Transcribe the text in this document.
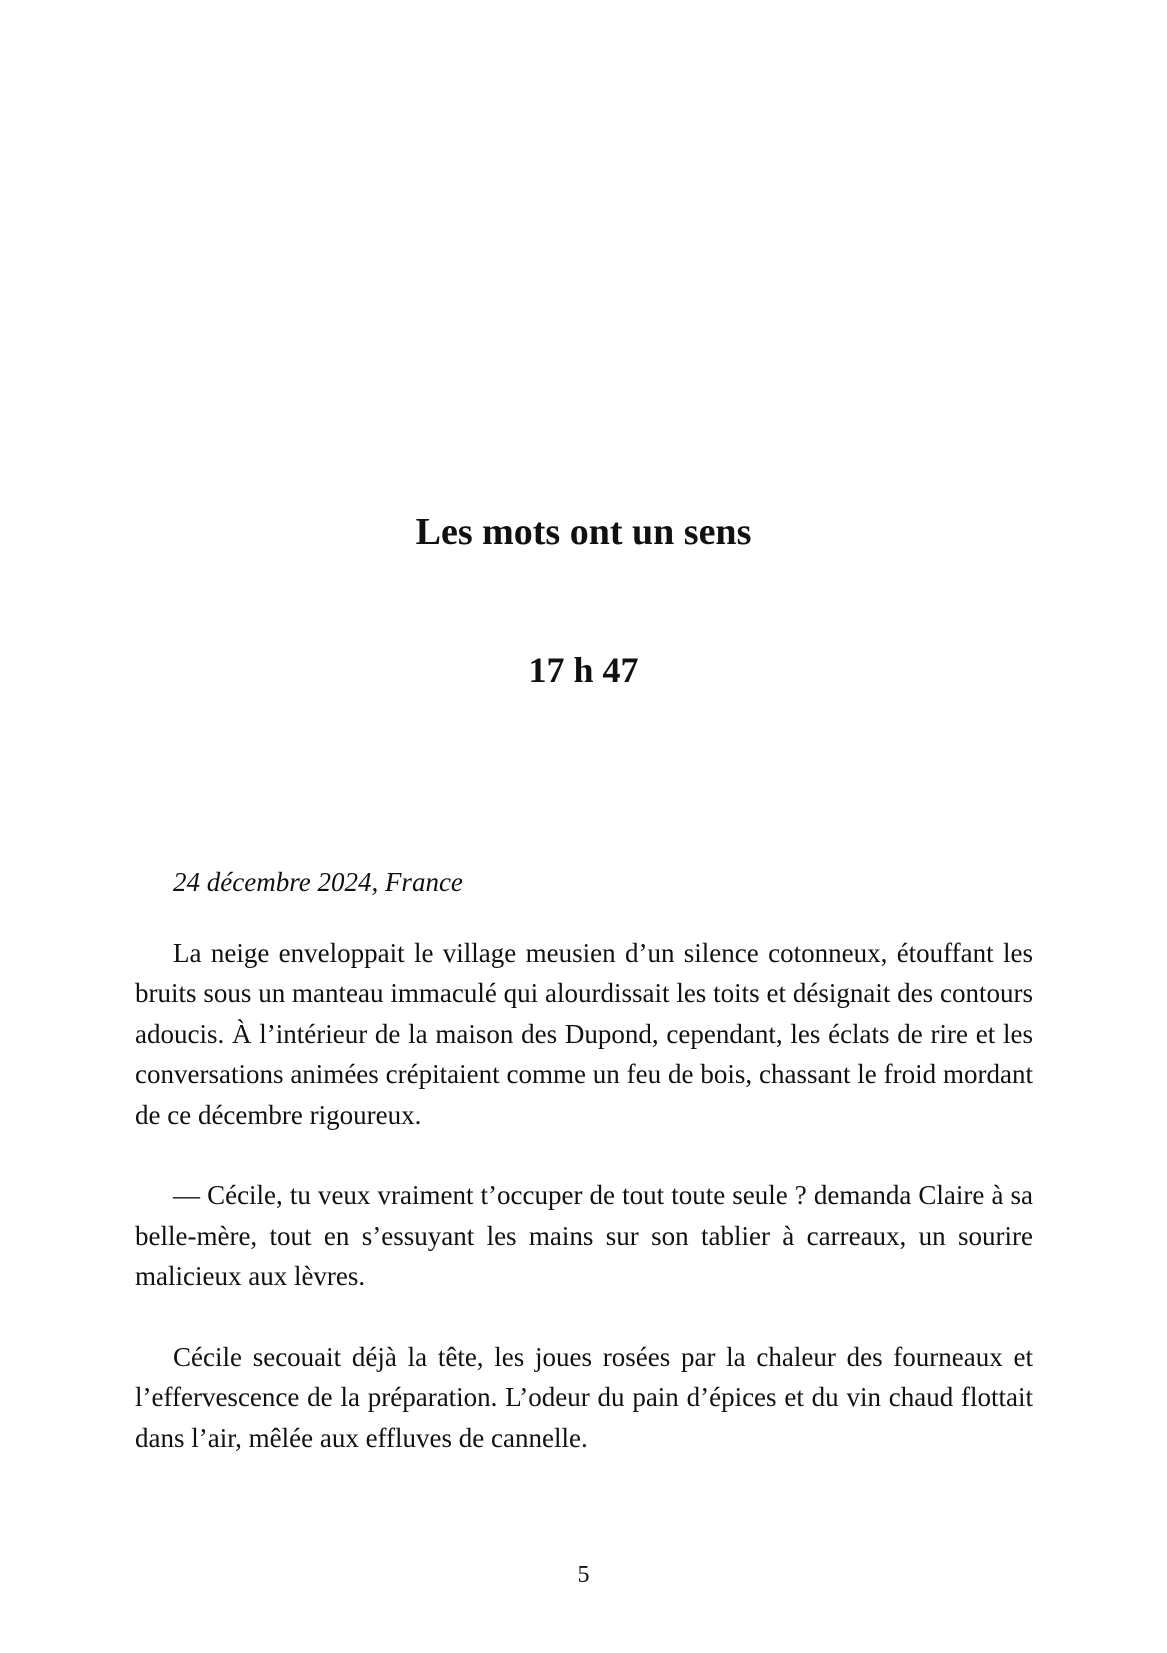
Les mots ont un sens
17 h 47

24 décembre 2024, France

La neige enveloppait le village meusien d’un silence cotonneux, étouffant les bruits sous un manteau immaculé qui alourdissait les toits et désignait des contours adoucis. À l’intérieur de la maison des Dupond, cependant, les éclats de rire et les conversations animées crépitaient comme un feu de bois, chassant le froid mordant de ce décembre rigoureux.

— Cécile, tu veux vraiment t’occuper de tout toute seule ? demanda Claire à sa belle-mère, tout en s’essuyant les mains sur son tablier à carreaux, un sourire malicieux aux lèvres.

Cécile secouait déjà la tête, les joues rosées par la chaleur des fourneaux et l’effervescence de la préparation. L’odeur du pain d’épices et du vin chaud flottait dans l’air, mêlée aux effluves de cannelle.

5
